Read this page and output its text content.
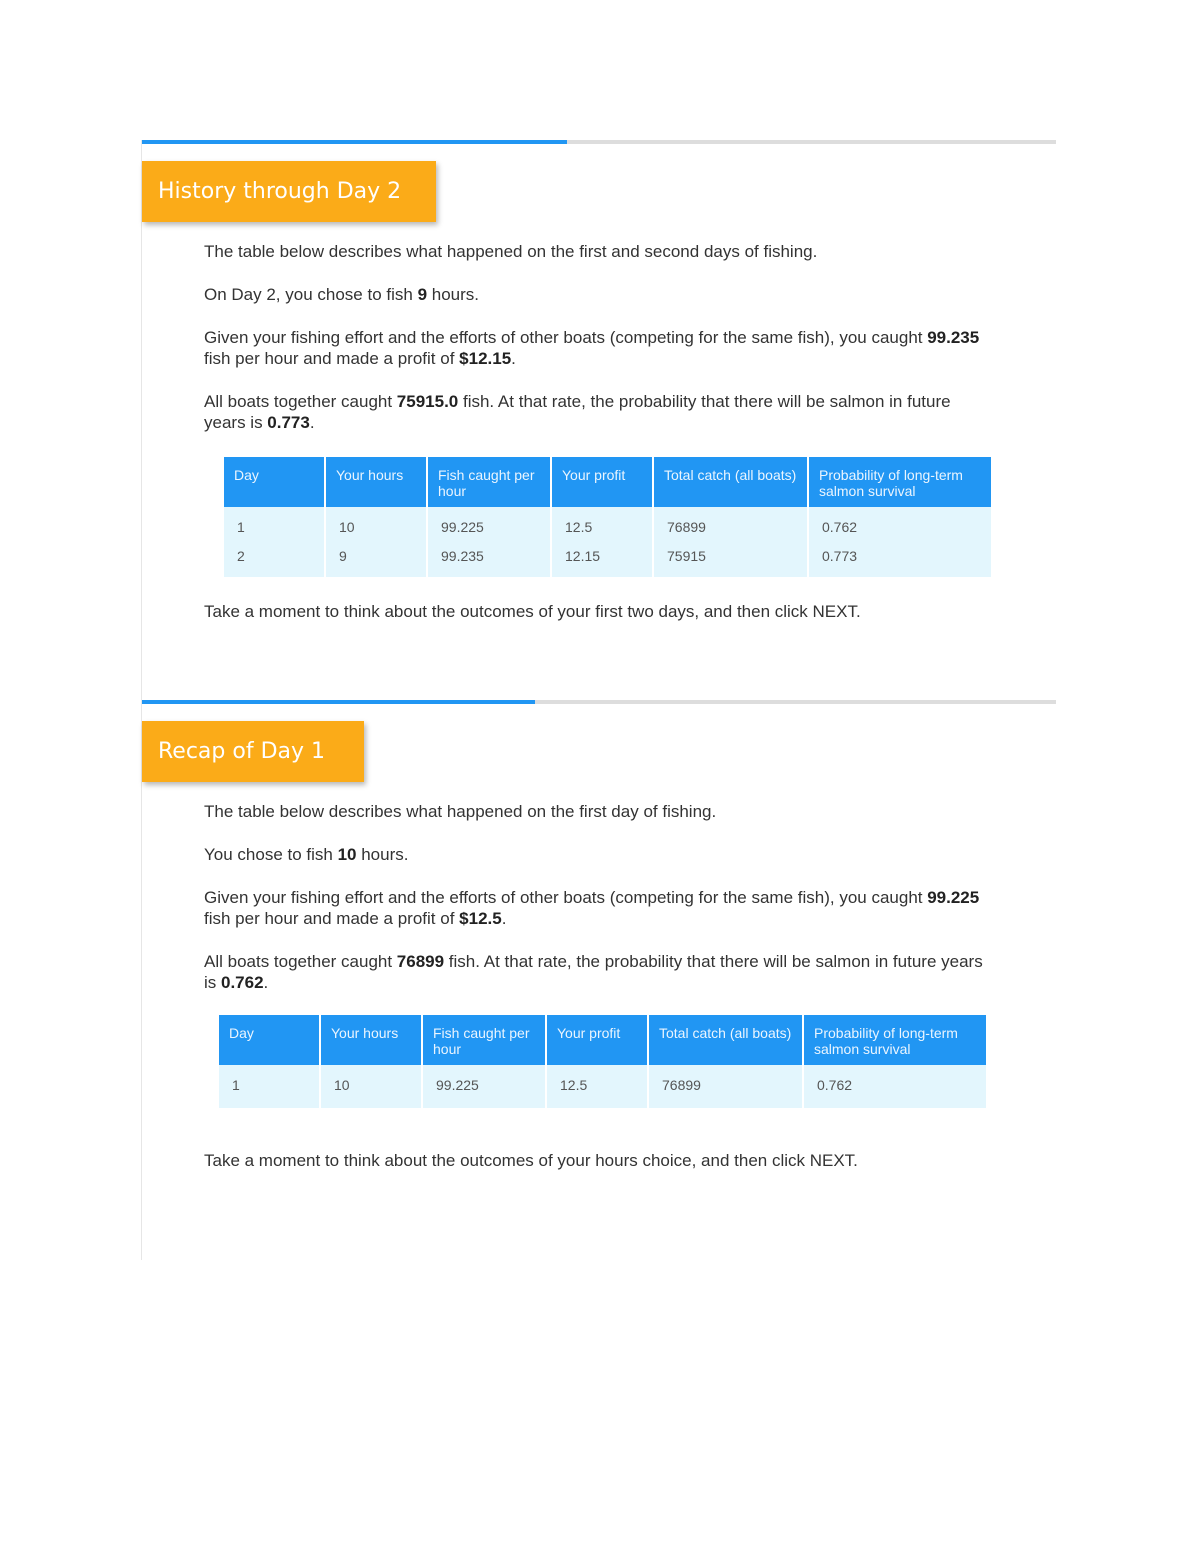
History through Day 2

The table below describes what happened on the first and second days of fishing.

On Day 2, you chose to fish 9 hours.

Given your fishing effort and the efforts of other boats (competing for the same fish), you caught 99.235 fish per hour and made a profit of $12.15.

All boats together caught 75915.0 fish. At that rate, the probability that there will be salmon in future years is 0.773.

Day	Your hours	Fish caught per hour	Your profit	Total catch (all boats)	Probability of long-term salmon survival
1	10	99.225	12.5	76899	0.762
2	9	99.235	12.15	75915	0.773

Take a moment to think about the outcomes of your first two days, and then click NEXT.

Recap of Day 1

The table below describes what happened on the first day of fishing.

You chose to fish 10 hours.

Given your fishing effort and the efforts of other boats (competing for the same fish), you caught 99.225 fish per hour and made a profit of $12.5.

All boats together caught 76899 fish. At that rate, the probability that there will be salmon in future years is 0.762.

Day	Your hours	Fish caught per hour	Your profit	Total catch (all boats)	Probability of long-term salmon survival
1	10	99.225	12.5	76899	0.762

Take a moment to think about the outcomes of your hours choice, and then click NEXT.
